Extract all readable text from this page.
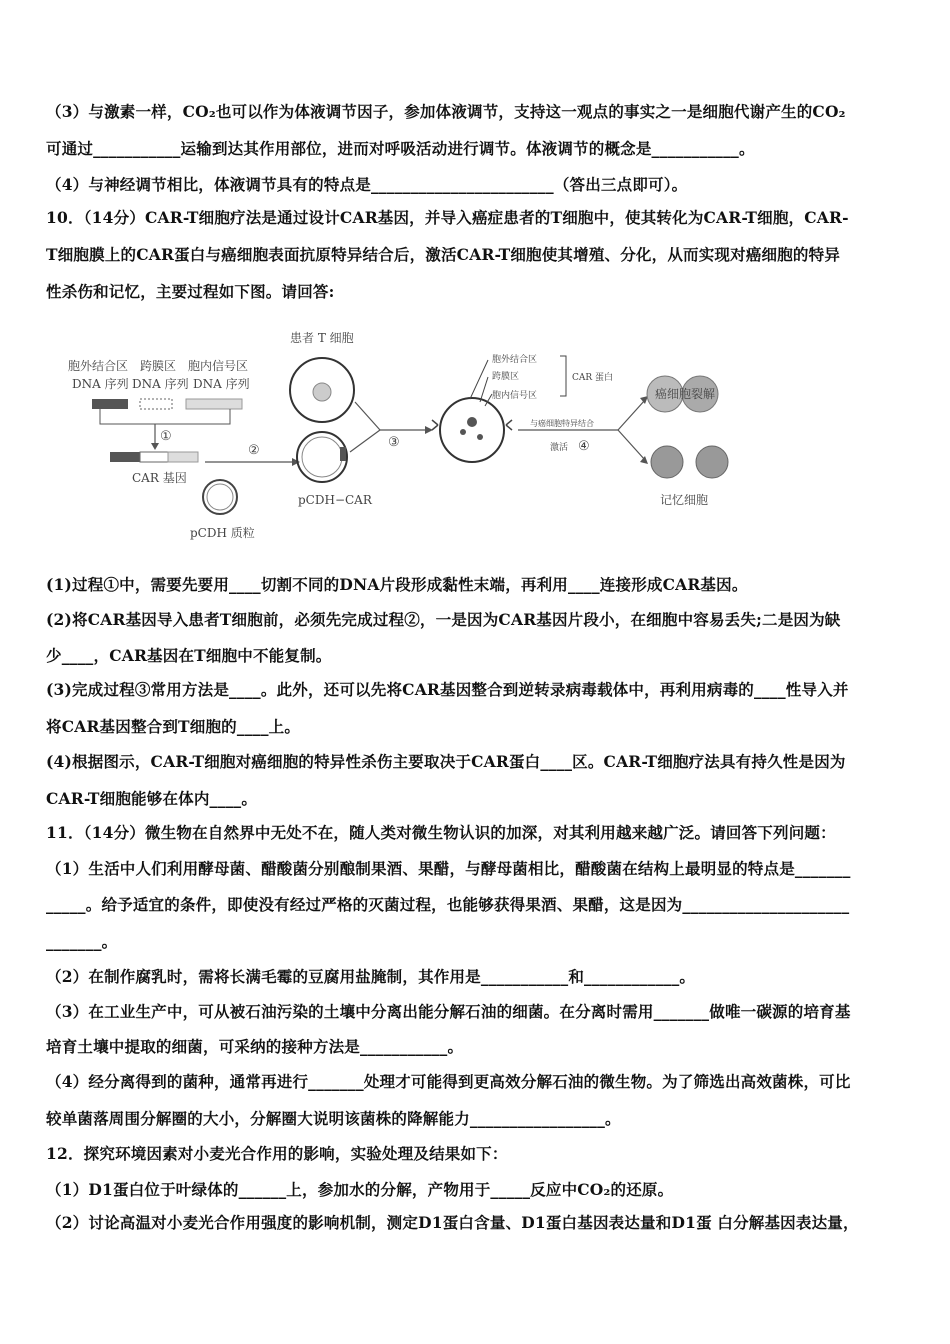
（3）与激素一样，CO₂也可以作为体液调节因子，参加体液调节，支持这一观点的事实之一是细胞代谢产生的CO₂
可通过___________运输到达其作用部位，进而对呼吸活动进行调节。体液调节的概念是___________。
（4）与神经调节相比，体液调节具有的特点是_______________________（答出三点即可）。
10．（14分）CAR-T细胞疗法是通过设计CAR基因，并导入癌症患者的T细胞中，使其转化为CAR-T细胞，CAR-
T细胞膜上的CAR蛋白与癌细胞表面抗原特异结合后，激活CAR-T细胞使其增殖、分化，从而实现对癌细胞的特异
性杀伤和记忆，主要过程如下图。请回答:
胞外结合区
DNA 序列
跨膜区
DNA 序列
胞内信号区
DNA 序列
①
CAR 基因
pCDH 质粒
②
患者 T 细胞
pCDH−CAR
③
胞外结合区
跨膜区
胞内信号区
CAR 蛋白
与癌细胞特异结合
激活 ④
癌细胞裂解
记忆细胞
(1)过程①中，需要先要用____切割不同的DNA片段形成黏性末端，再利用____连接形成CAR基因。
(2)将CAR基因导入患者T细胞前，必须先完成过程②，一是因为CAR基因片段小，在细胞中容易丢失;二是因为缺
少____，CAR基因在T细胞中不能复制。
(3)完成过程③常用方法是____。此外，还可以先将CAR基因整合到逆转录病毒载体中，再利用病毒的____性导入并
将CAR基因整合到T细胞的____上。
(4)根据图示，CAR-T细胞对癌细胞的特异性杀伤主要取决于CAR蛋白____区。CAR-T细胞疗法具有持久性是因为
CAR-T细胞能够在体内____。
11．（14分）微生物在自然界中无处不在，随人类对微生物认识的加深，对其利用越来越广泛。请回答下列问题：
（1）生活中人们利用酵母菌、醋酸菌分别酿制果酒、果醋，与酵母菌相比，醋酸菌在结构上最明显的特点是_______
_____。给予适宜的条件，即使没有经过严格的灭菌过程，也能够获得果酒、果醋，这是因为_____________________
_______。
（2）在制作腐乳时，需将长满毛霉的豆腐用盐腌制，其作用是___________和____________。
（3）在工业生产中，可从被石油污染的土壤中分离出能分解石油的细菌。在分离时需用_______做唯一碳源的培育基
培育土壤中提取的细菌，可采纳的接种方法是___________。
（4）经分离得到的菌种，通常再进行_______处理才可能得到更高效分解石油的微生物。为了筛选出高效菌株，可比
较单菌落周围分解圈的大小，分解圈大说明该菌株的降解能力_________________。
12．探究环境因素对小麦光合作用的影响，实验处理及结果如下：
（1）D1蛋白位于叶绿体的______上，参加水的分解，产物用于_____反应中CO₂的还原。
（2）讨论高温对小麦光合作用强度的影响机制，测定D1蛋白含量、D1蛋白基因表达量和D1蛋 白分解基因表达量，
